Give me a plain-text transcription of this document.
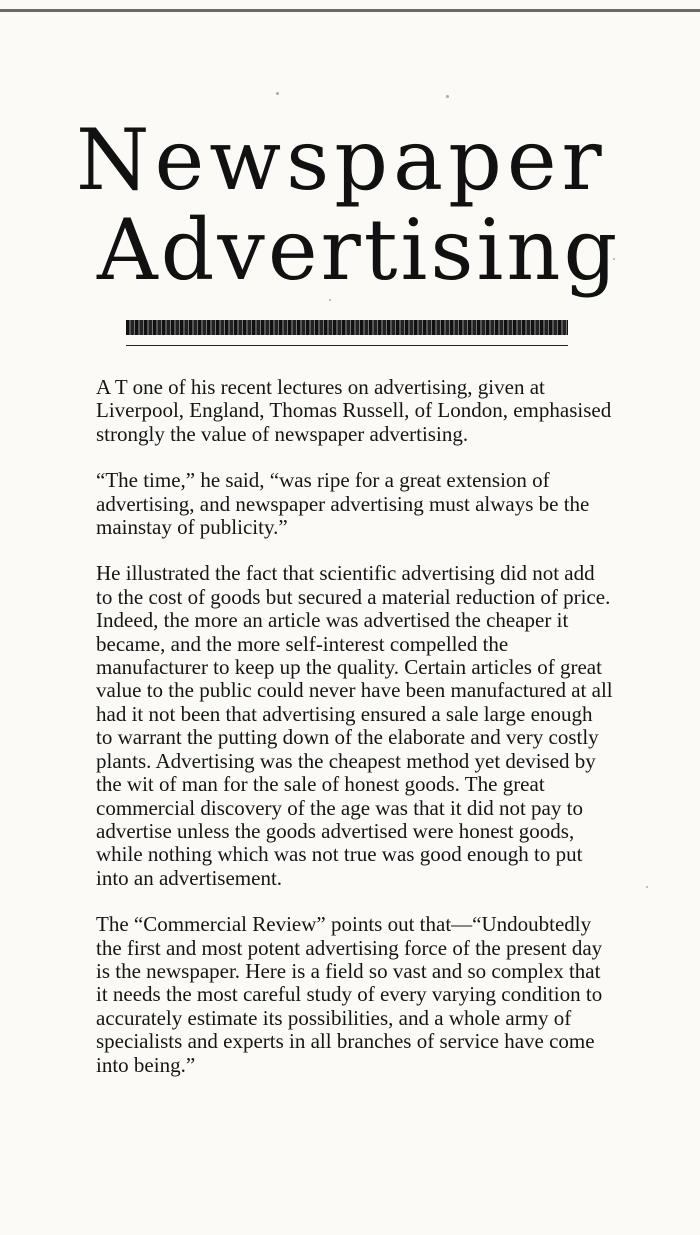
Newspaper
Advertising

A T one of his recent lectures on advertising, given at Liverpool, England, Thomas Russell, of London, emphasised strongly the value of newspaper advertising.

“The time,” he said, “was ripe for a great extension of advertising, and newspaper advertising must always be the mainstay of publicity.”

He illustrated the fact that scientific advertising did not add to the cost of goods but secured a material reduction of price. Indeed, the more an article was advertised the cheaper it became, and the more self-interest compelled the manufacturer to keep up the quality. Certain articles of great value to the public could never have been manufactured at all had it not been that advertising ensured a sale large enough to warrant the putting down of the elaborate and very costly plants. Advertising was the cheapest method yet devised by the wit of man for the sale of honest goods. The great commercial discovery of the age was that it did not pay to advertise unless the goods advertised were honest goods, while nothing which was not true was good enough to put into an advertisement.

The “Commercial Review” points out that—“Undoubtedly the first and most potent advertising force of the present day is the newspaper. Here is a field so vast and so complex that it needs the most careful study of every varying condition to accurately estimate its possibilities, and a whole army of specialists and experts in all branches of service have come into being.”
